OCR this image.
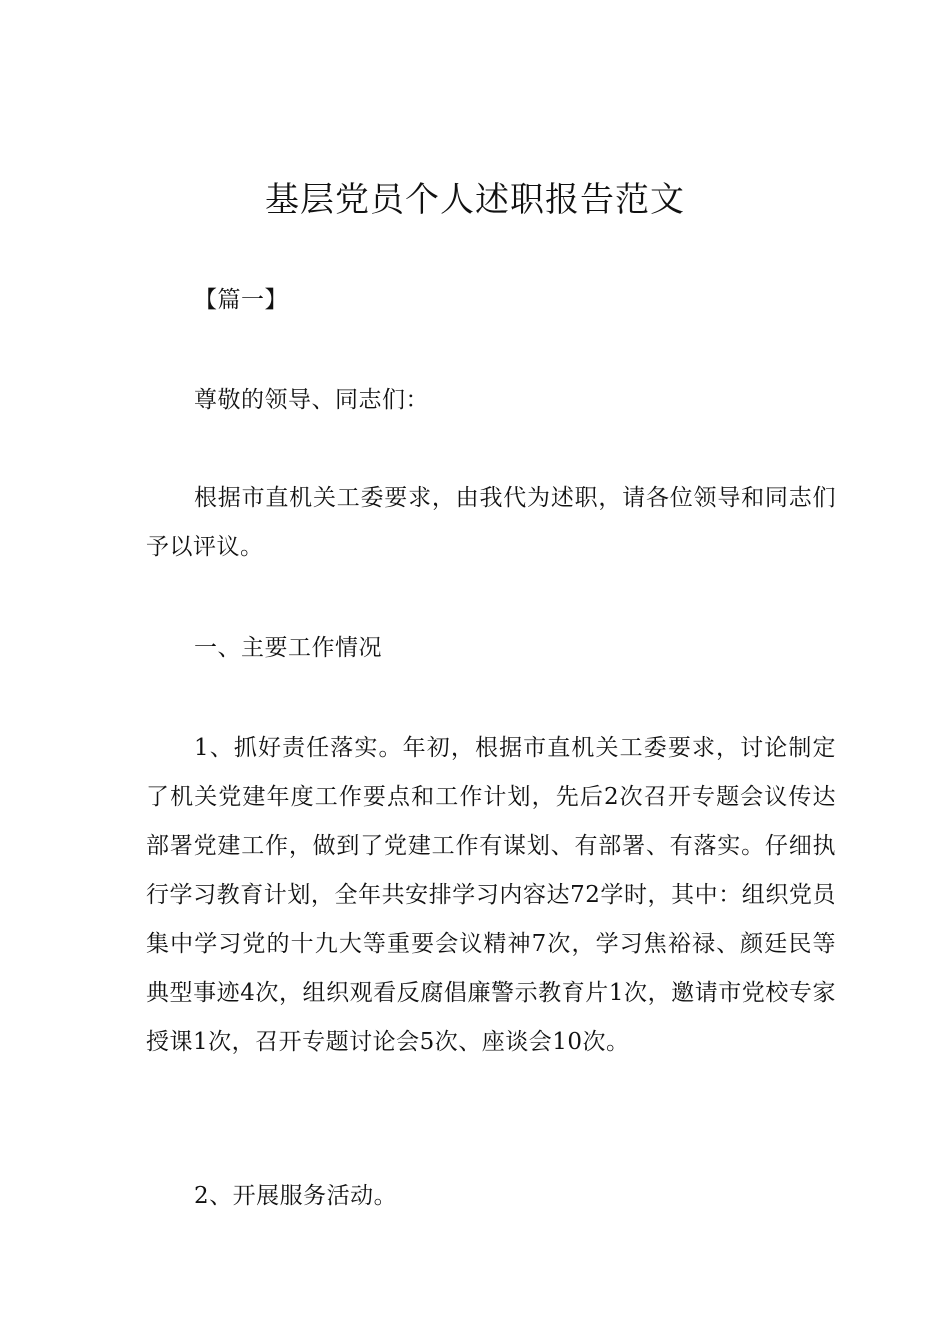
基层党员个人述职报告范文

【篇一】

尊敬的领导、同志们：

根据市直机关工委要求，由我代为述职，请各位领导和同志们予以评议。

一、主要工作情况

1、抓好责任落实。年初，根据市直机关工委要求，讨论制定了机关党建年度工作要点和工作计划，先后2次召开专题会议传达部署党建工作，做到了党建工作有谋划、有部署、有落实。仔细执行学习教育计划，全年共安排学习内容达72学时，其中：组织党员集中学习党的十九大等重要会议精神7次，学习焦裕禄、颜廷民等典型事迹4次，组织观看反腐倡廉警示教育片1次，邀请市党校专家授课1次，召开专题讨论会5次、座谈会10次。

2、开展服务活动。
